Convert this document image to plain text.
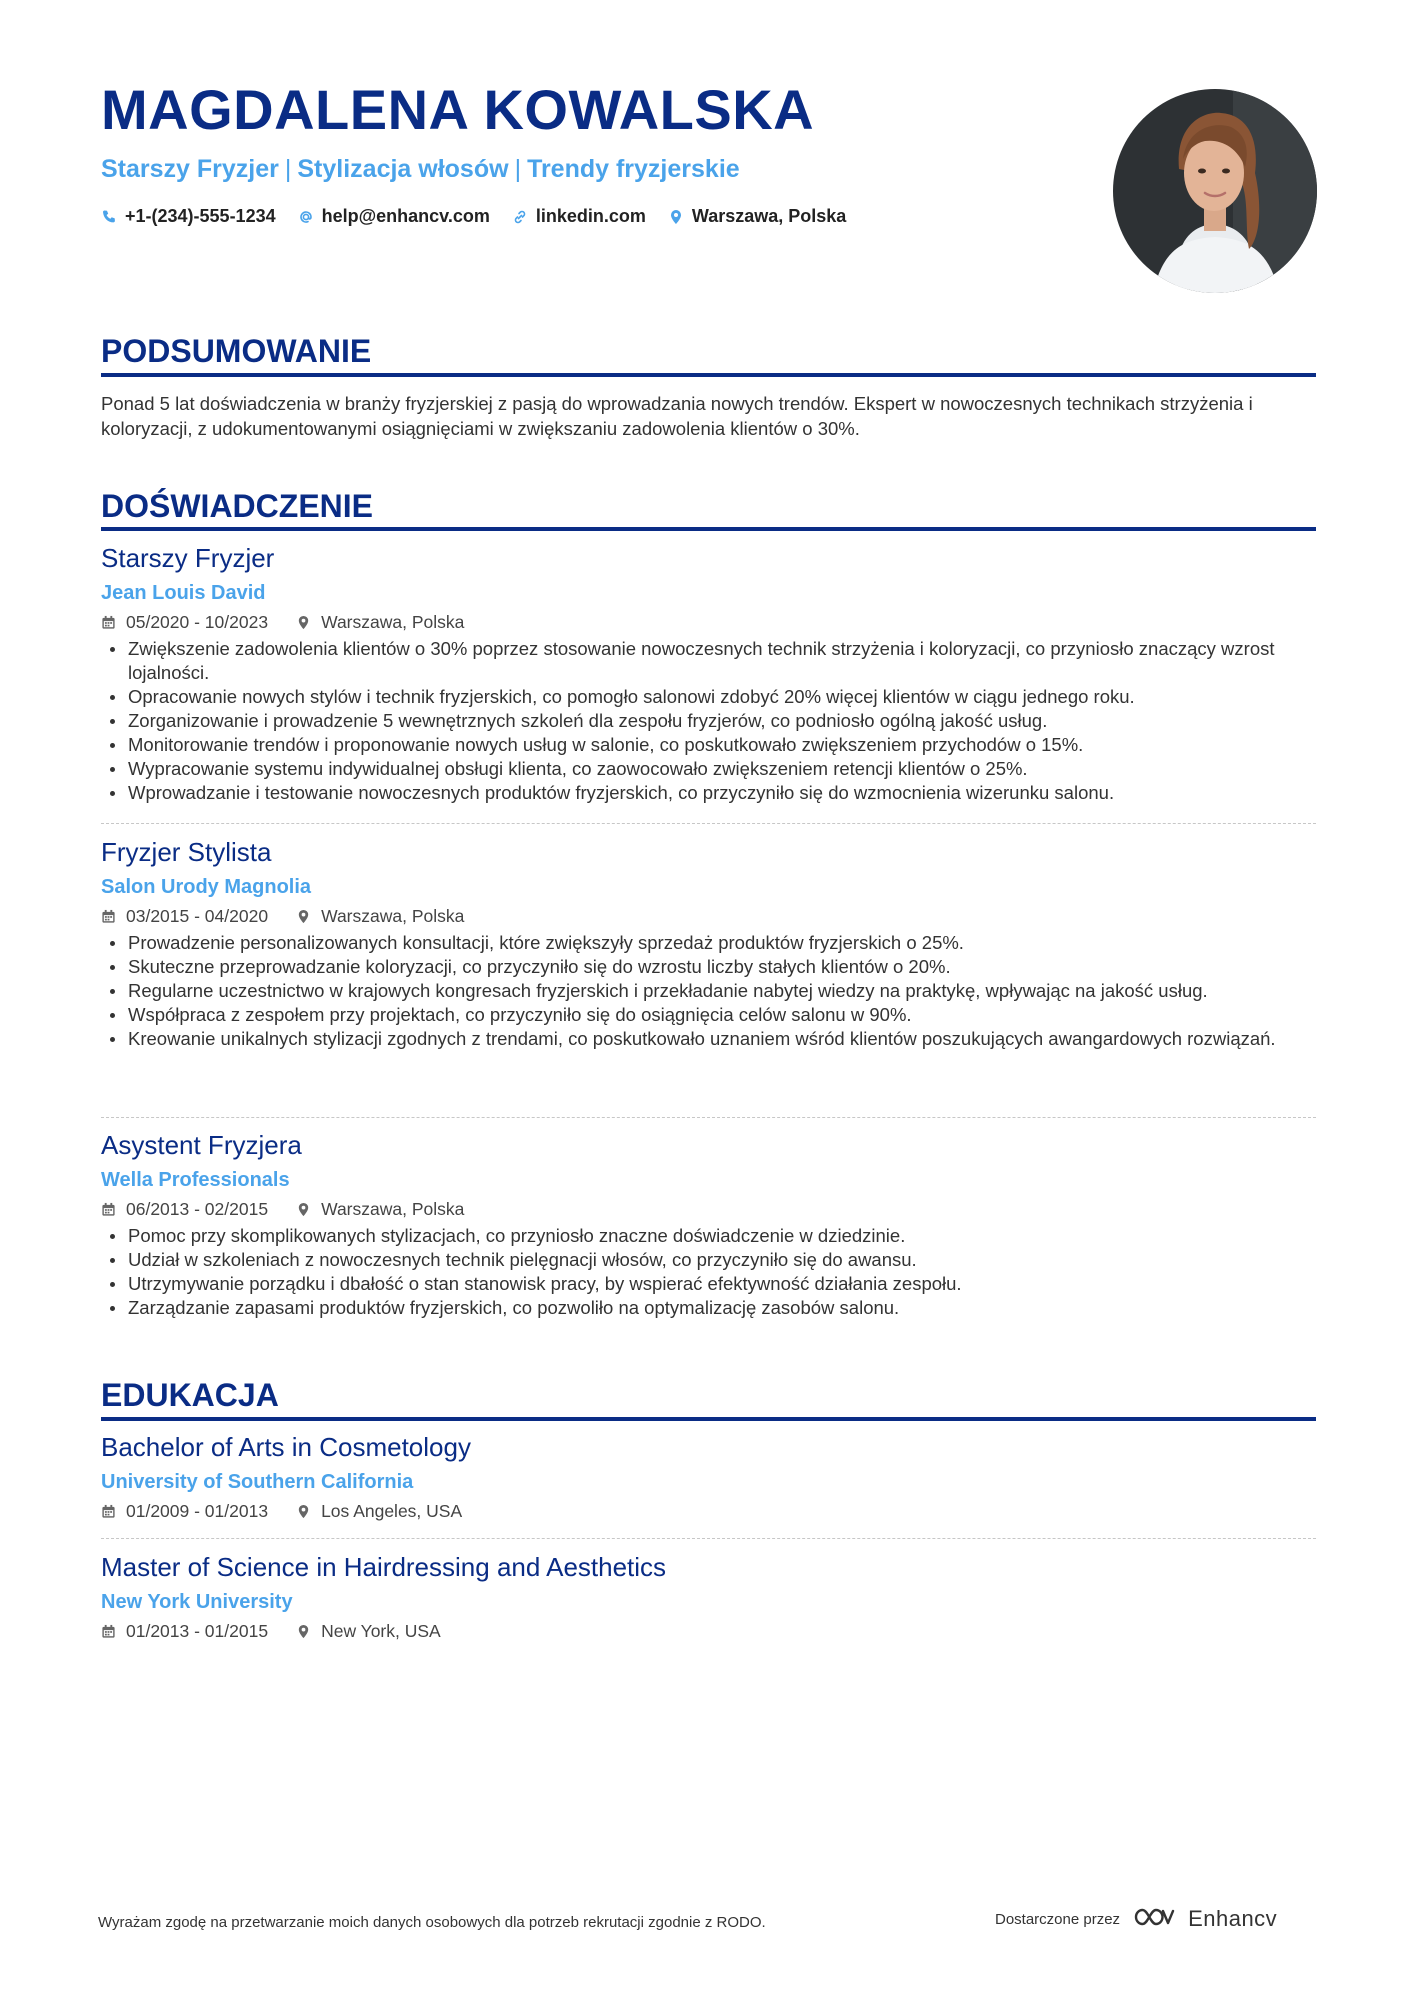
MAGDALENA KOWALSKA
Starszy Fryzjer | Stylizacja włosów | Trendy fryzjerskie
+1-(234)-555-1234	help@enhancv.com	linkedin.com	Warszawa, Polska
PODSUMOWANIE
Ponad 5 lat doświadczenia w branży fryzjerskiej z pasją do wprowadzania nowych trendów. Ekspert w nowoczesnych technikach strzyżenia i koloryzacji, z udokumentowanymi osiągnięciami w zwiększaniu zadowolenia klientów o 30%.
DOŚWIADCZENIE
Starszy Fryzjer
Jean Louis David
05/2020 - 10/2023	Warszawa, Polska
Zwiększenie zadowolenia klientów o 30% poprzez stosowanie nowoczesnych technik strzyżenia i koloryzacji, co przyniosło znaczący wzrost lojalności.
Opracowanie nowych stylów i technik fryzjerskich, co pomogło salonowi zdobyć 20% więcej klientów w ciągu jednego roku.
Zorganizowanie i prowadzenie 5 wewnętrznych szkoleń dla zespołu fryzjerów, co podniosło ogólną jakość usług.
Monitorowanie trendów i proponowanie nowych usług w salonie, co poskutkowało zwiększeniem przychodów o 15%.
Wypracowanie systemu indywidualnej obsługi klienta, co zaowocowało zwiększeniem retencji klientów o 25%.
Wprowadzanie i testowanie nowoczesnych produktów fryzjerskich, co przyczyniło się do wzmocnienia wizerunku salonu.
Fryzjer Stylista
Salon Urody Magnolia
03/2015 - 04/2020	Warszawa, Polska
Prowadzenie personalizowanych konsultacji, które zwiększyły sprzedaż produktów fryzjerskich o 25%.
Skuteczne przeprowadzanie koloryzacji, co przyczyniło się do wzrostu liczby stałych klientów o 20%.
Regularne uczestnictwo w krajowych kongresach fryzjerskich i przekładanie nabytej wiedzy na praktykę, wpływając na jakość usług.
Współpraca z zespołem przy projektach, co przyczyniło się do osiągnięcia celów salonu w 90%.
Kreowanie unikalnych stylizacji zgodnych z trendami, co poskutkowało uznaniem wśród klientów poszukujących awangardowych rozwiązań.
Asystent Fryzjera
Wella Professionals
06/2013 - 02/2015	Warszawa, Polska
Pomoc przy skomplikowanych stylizacjach, co przyniosło znaczne doświadczenie w dziedzinie.
Udział w szkoleniach z nowoczesnych technik pielęgnacji włosów, co przyczyniło się do awansu.
Utrzymywanie porządku i dbałość o stan stanowisk pracy, by wspierać efektywność działania zespołu.
Zarządzanie zapasami produktów fryzjerskich, co pozwoliło na optymalizację zasobów salonu.
EDUKACJA
Bachelor of Arts in Cosmetology
University of Southern California
01/2009 - 01/2013	Los Angeles, USA
Master of Science in Hairdressing and Aesthetics
New York University
01/2013 - 01/2015	New York, USA
Wyrażam zgodę na przetwarzanie moich danych osobowych dla potrzeb rekrutacji zgodnie z RODO.	Dostarczone przez	Enhancv
